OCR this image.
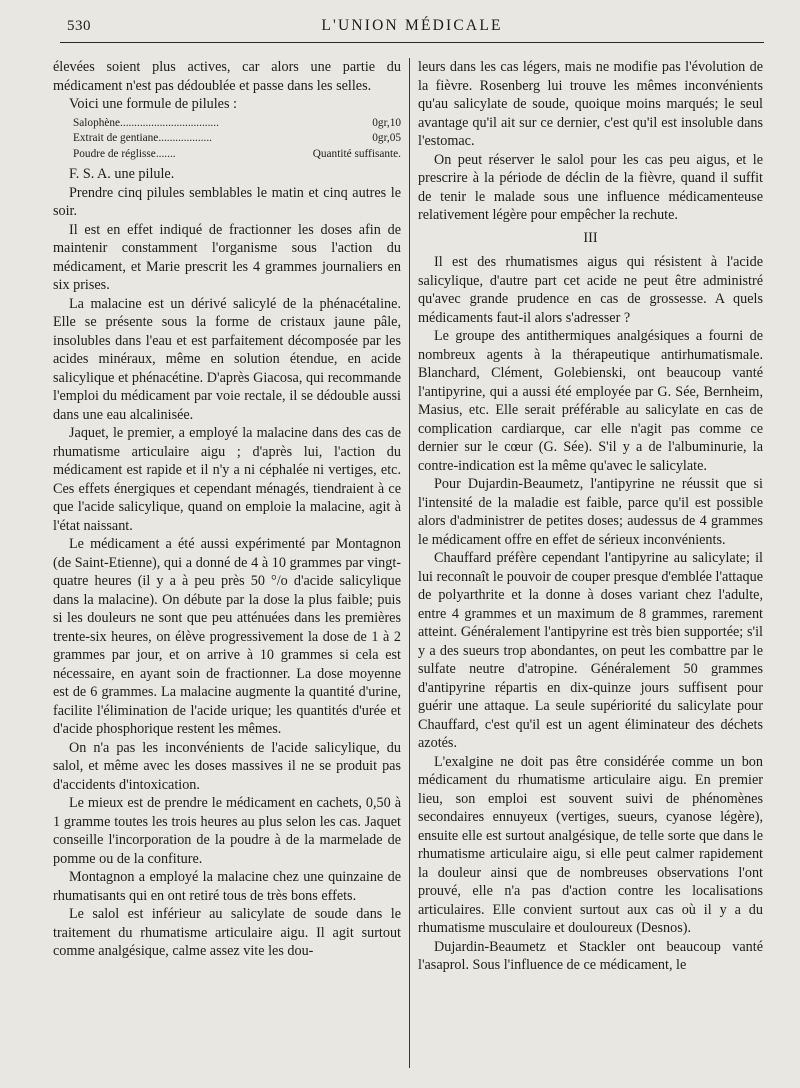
530	L'UNION MÉDICALE

élevées soient plus actives, car alors une partie du médicament n'est pas dédoublée et passe dans les selles.

Voici une formule de pilules :

Salophène...................................	0gr,10
Extrait de gentiane...................	0gr,05
Poudre de réglisse.......	Quantité suffisante.

F. S. A. une pilule.

Prendre cinq pilules semblables le matin et cinq autres le soir.

Il est en effet indiqué de fractionner les doses afin de maintenir constamment l'organisme sous l'action du médicament, et Marie prescrit les 4 grammes journaliers en six prises.

La malacine est un dérivé salicylé de la phénacétaline. Elle se présente sous la forme de cristaux jaune pâle, insolubles dans l'eau et est parfaitement décomposée par les acides minéraux, même en solution étendue, en acide salicylique et phénacétine. D'après Giacosa, qui recommande l'emploi du médicament par voie rectale, il se dédouble aussi dans une eau alcalinisée.

Jaquet, le premier, a employé la malacine dans des cas de rhumatisme articulaire aigu ; d'après lui, l'action du médicament est rapide et il n'y a ni céphalée ni vertiges, etc. Ces effets énergiques et cependant ménagés, tiendraient à ce que l'acide salicylique, quand on emploie la malacine, agit à l'état naissant.

Le médicament a été aussi expérimenté par Montagnon (de Saint-Etienne), qui a donné de 4 à 10 grammes par vingt-quatre heures (il y a à peu près 50 °/o d'acide salicylique dans la malacine). On débute par la dose la plus faible; puis si les douleurs ne sont que peu atténuées dans les premières trente-six heures, on élève progressivement la dose de 1 à 2 grammes par jour, et on arrive à 10 grammes si cela est nécessaire, en ayant soin de fractionner. La dose moyenne est de 6 grammes. La malacine augmente la quantité d'urine, facilite l'élimination de l'acide urique; les quantités d'urée et d'acide phosphorique restent les mêmes.

On n'a pas les inconvénients de l'acide salicylique, du salol, et même avec les doses massives il ne se produit pas d'accidents d'intoxication.

Le mieux est de prendre le médicament en cachets, 0,50 à 1 gramme toutes les trois heures au plus selon les cas. Jaquet conseille l'incorporation de la poudre à de la marmelade de pomme ou de la confiture.

Montagnon a employé la malacine chez une quinzaine de rhumatisants qui en ont retiré tous de très bons effets.

Le salol est inférieur au salicylate de soude dans le traitement du rhumatisme articulaire aigu. Il agit surtout comme analgésique, calme assez vite les dou-

leurs dans les cas légers, mais ne modifie pas l'évolution de la fièvre. Rosenberg lui trouve les mêmes inconvénients qu'au salicylate de soude, quoique moins marqués; le seul avantage qu'il ait sur ce dernier, c'est qu'il est insoluble dans l'estomac.

On peut réserver le salol pour les cas peu aigus, et le prescrire à la période de déclin de la fièvre, quand il suffit de tenir le malade sous une influence médicamenteuse relativement légère pour empêcher la rechute.

III

Il est des rhumatismes aigus qui résistent à l'acide salicylique, d'autre part cet acide ne peut être administré qu'avec grande prudence en cas de grossesse. A quels médicaments faut-il alors s'adresser ?

Le groupe des antithermiques analgésiques a fourni de nombreux agents à la thérapeutique antirhumatismale. Blanchard, Clément, Golebienski, ont beaucoup vanté l'antipyrine, qui a aussi été employée par G. Sée, Bernheim, Masius, etc. Elle serait préférable au salicylate en cas de complication cardiarque, car elle n'agit pas comme ce dernier sur le cœur (G. Sée). S'il y a de l'albuminurie, la contre-indication est la même qu'avec le salicylate.

Pour Dujardin-Beaumetz, l'antipyrine ne réussit que si l'intensité de la maladie est faible, parce qu'il est possible alors d'administrer de petites doses; audessus de 4 grammes le médicament offre en effet de sérieux inconvénients.

Chauffard préfère cependant l'antipyrine au salicylate; il lui reconnaît le pouvoir de couper presque d'emblée l'attaque de polyarthrite et la donne à doses variant chez l'adulte, entre 4 grammes et un maximum de 8 grammes, rarement atteint. Généralement l'antipyrine est très bien supportée; s'il y a des sueurs trop abondantes, on peut les combattre par le sulfate neutre d'atropine. Généralement 50 grammes d'antipyrine répartis en dix-quinze jours suffisent pour guérir une attaque. La seule supériorité du salicylate pour Chauffard, c'est qu'il est un agent éliminateur des déchets azotés.

L'exalgine ne doit pas être considérée comme un bon médicament du rhumatisme articulaire aigu. En premier lieu, son emploi est souvent suivi de phénomènes secondaires ennuyeux (vertiges, sueurs, cyanose légère), ensuite elle est surtout analgésique, de telle sorte que dans le rhumatisme articulaire aigu, si elle peut calmer rapidement la douleur ainsi que de nombreuses observations l'ont prouvé, elle n'a pas d'action contre les localisations articulaires. Elle convient surtout aux cas où il y a du rhumatisme musculaire et douloureux (Desnos).

Dujardin-Beaumetz et Stackler ont beaucoup vanté l'asaprol. Sous l'influence de ce médicament, le
